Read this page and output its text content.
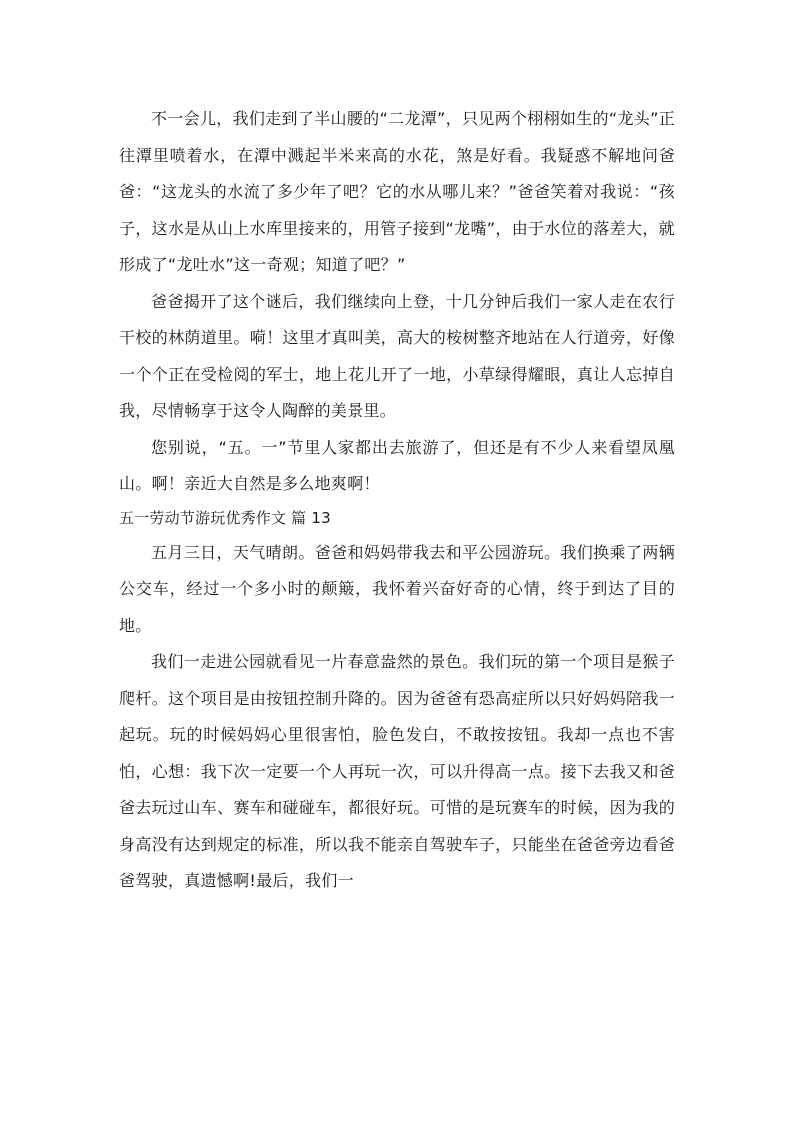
不一会儿，我们走到了半山腰的“二龙潭”，只见两个栩栩如生的“龙头”正往潭里喷着水，在潭中溅起半米来高的水花，煞是好看。我疑惑不解地问爸爸：“这龙头的水流了多少年了吧？它的水从哪儿来？”爸爸笑着对我说：“孩子，这水是从山上水库里接来的，用管子接到“龙嘴”，由于水位的落差大，就形成了“龙吐水”这一奇观；知道了吧？”

爸爸揭开了这个谜后，我们继续向上登，十几分钟后我们一家人走在农行干校的林荫道里。嗬！这里才真叫美，高大的桉树整齐地站在人行道旁，好像一个个正在受检阅的军士，地上花儿开了一地，小草绿得耀眼，真让人忘掉自我，尽情畅享于这令人陶醉的美景里。

您别说，“五。一”节里人家都出去旅游了，但还是有不少人来看望凤凰山。啊！亲近大自然是多么地爽啊！

五一劳动节游玩优秀作文 篇 13

五月三日，天气晴朗。爸爸和妈妈带我去和平公园游玩。我们换乘了两辆公交车，经过一个多小时的颠簸，我怀着兴奋好奇的心情，终于到达了目的地。

我们一走进公园就看见一片春意盎然的景色。我们玩的第一个项目是猴子爬杆。这个项目是由按钮控制升降的。因为爸爸有恐高症所以只好妈妈陪我一起玩。玩的时候妈妈心里很害怕，脸色发白，不敢按按钮。我却一点也不害怕，心想：我下次一定要一个人再玩一次，可以升得高一点。接下去我又和爸爸去玩过山车、赛车和碰碰车，都很好玩。可惜的是玩赛车的时候，因为我的身高没有达到规定的标准，所以我不能亲自驾驶车子，只能坐在爸爸旁边看爸爸驾驶，真遗憾啊!最后，我们一
